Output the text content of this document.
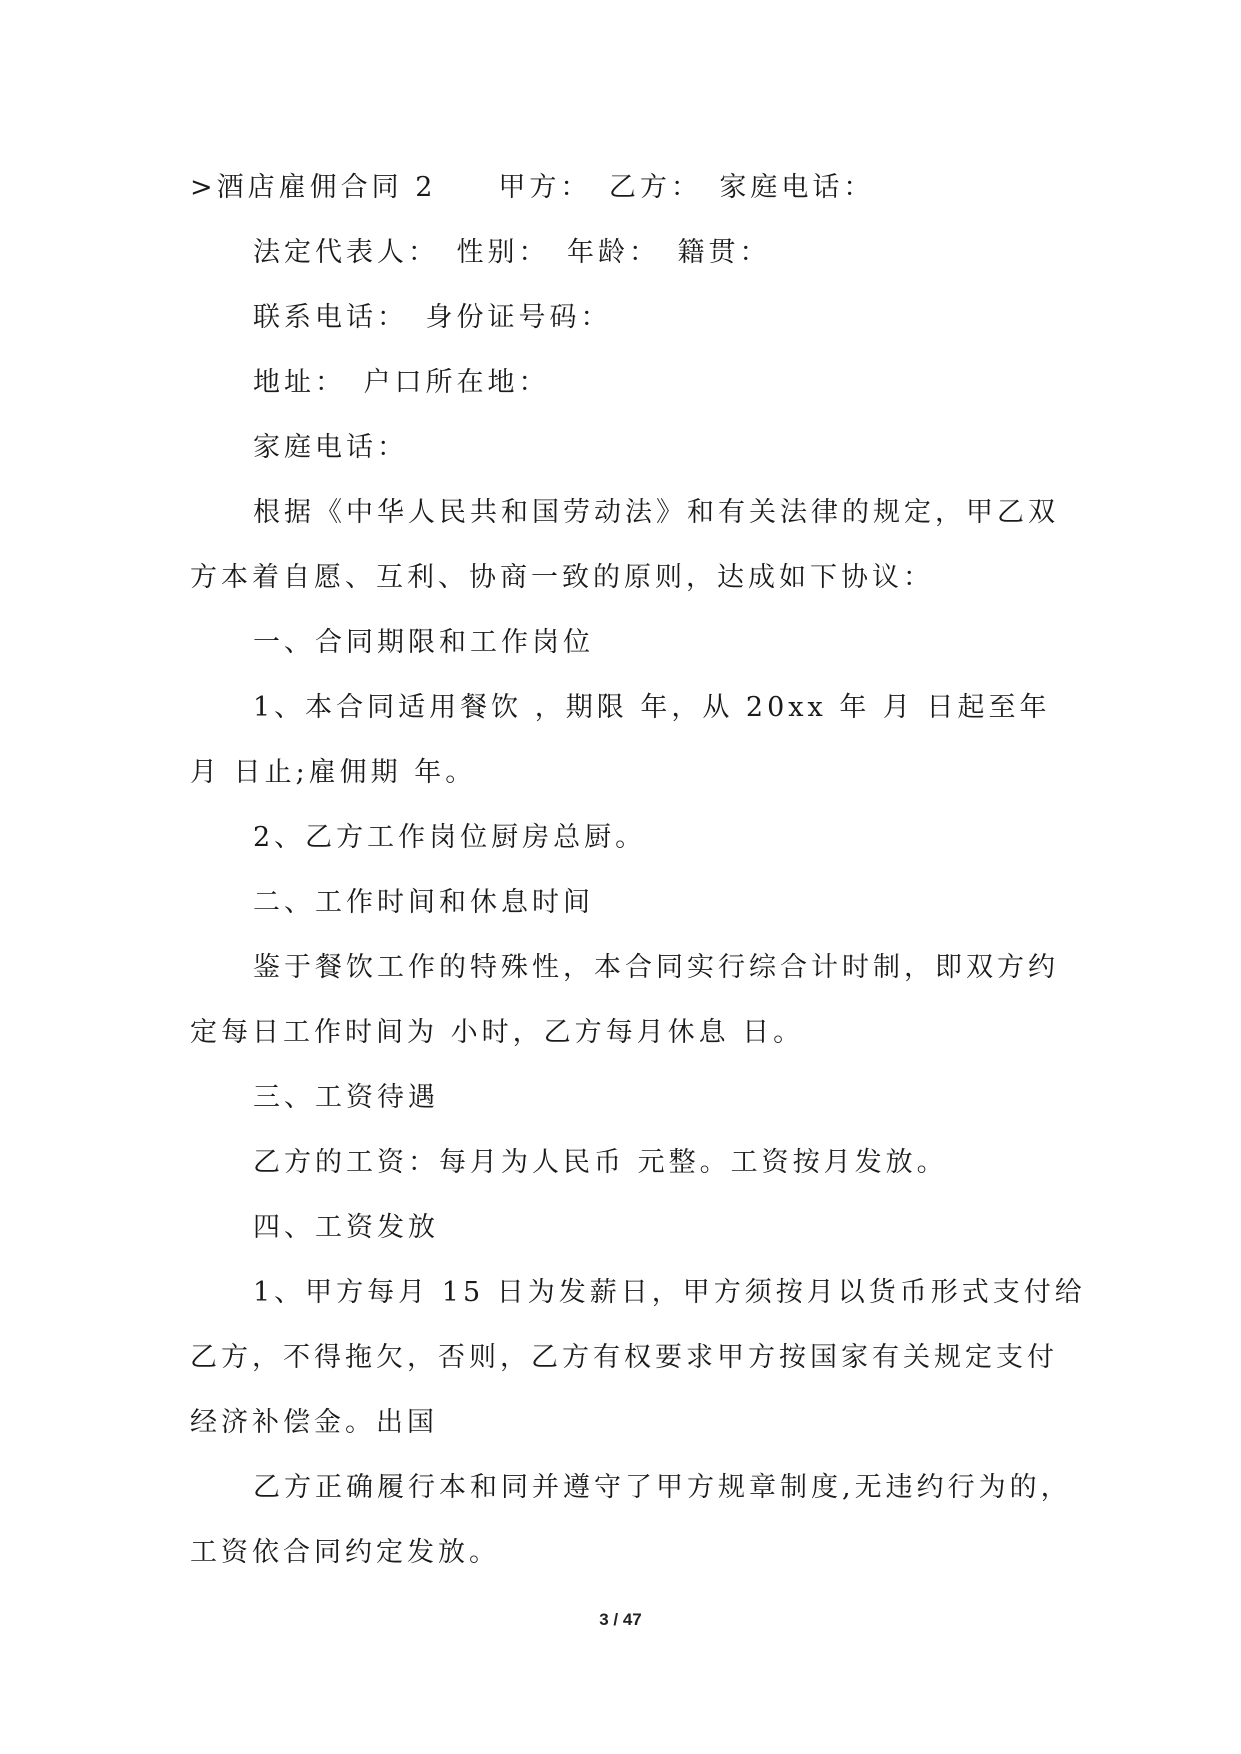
>酒店雇佣合同 2　　甲方：　乙方：　家庭电话：
法定代表人：　性别：　年龄：　籍贯：
联系电话：　身份证号码：
地址：　户口所在地：
家庭电话：
根据《中华人民共和国劳动法》和有关法律的规定，甲乙双
方本着自愿、互利、协商一致的原则，达成如下协议：
一、合同期限和工作岗位
1、本合同适用餐饮 ，期限 年，从 20xx 年 月 日起至年
月 日止;雇佣期 年。
2、乙方工作岗位厨房总厨。
二、工作时间和休息时间
鉴于餐饮工作的特殊性，本合同实行综合计时制，即双方约
定每日工作时间为 小时，乙方每月休息 日。
三、工资待遇
乙方的工资：每月为人民币 元整。工资按月发放。
四、工资发放
1、甲方每月 15 日为发薪日，甲方须按月以货币形式支付给
乙方，不得拖欠，否则，乙方有权要求甲方按国家有关规定支付
经济补偿金。出国
乙方正确履行本和同并遵守了甲方规章制度,无违约行为的，
工资依合同约定发放。
3 / 47
